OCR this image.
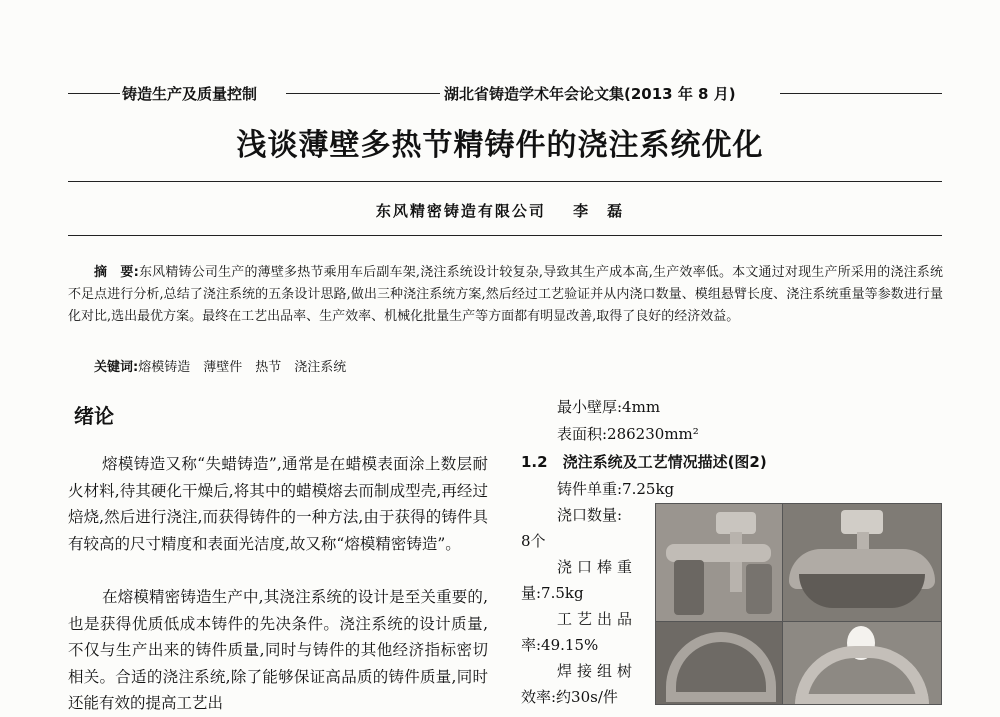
铸造生产及质量控制	湖北省铸造学术年会论文集(2013 年 8 月)
浅谈薄壁多热节精铸件的浇注系统优化
东风精密铸造有限公司 李　磊
摘　要:东风精铸公司生产的薄壁多热节乘用车后副车架,浇注系统设计较复杂,导致其生产成本高,生产效率低。本文通过对现生产所采用的浇注系统不足点进行分析,总结了浇注系统的五条设计思路,做出三种浇注系统方案,然后经过工艺验证并从内浇口数量、模组悬臂长度、浇注系统重量等参数进行量化对比,选出最优方案。最终在工艺出品率、生产效率、机械化批量生产等方面都有明显改善,取得了良好的经济效益。
关键词:熔模铸造　薄壁件　热节　浇注系统
绪论
熔模铸造又称“失蜡铸造”,通常是在蜡模表面涂上数层耐火材料,待其硬化干燥后,将其中的蜡模熔去而制成型壳,再经过焙烧,然后进行浇注,而获得铸件的一种方法,由于获得的铸件具有较高的尺寸精度和表面光洁度,故又称“熔模精密铸造”。
在熔模精密铸造生产中,其浇注系统的设计是至关重要的,也是获得优质低成本铸件的先决条件。浇注系统的设计质量,不仅与生产出来的铸件质量,同时与铸件的其他经济指标密切相关。合适的浇注系统,除了能够保证高品质的铸件质量,同时还能有效的提高工艺出
最小壁厚:4mm
表面积:286230mm²
1.2　浇注系统及工艺情况描述(图2)
铸件单重:7.25kg
浇口数量:
8个
浇口棒重
量:7.5kg
工艺出品
率:49.15%
焊接组树
效率:约30s/件
